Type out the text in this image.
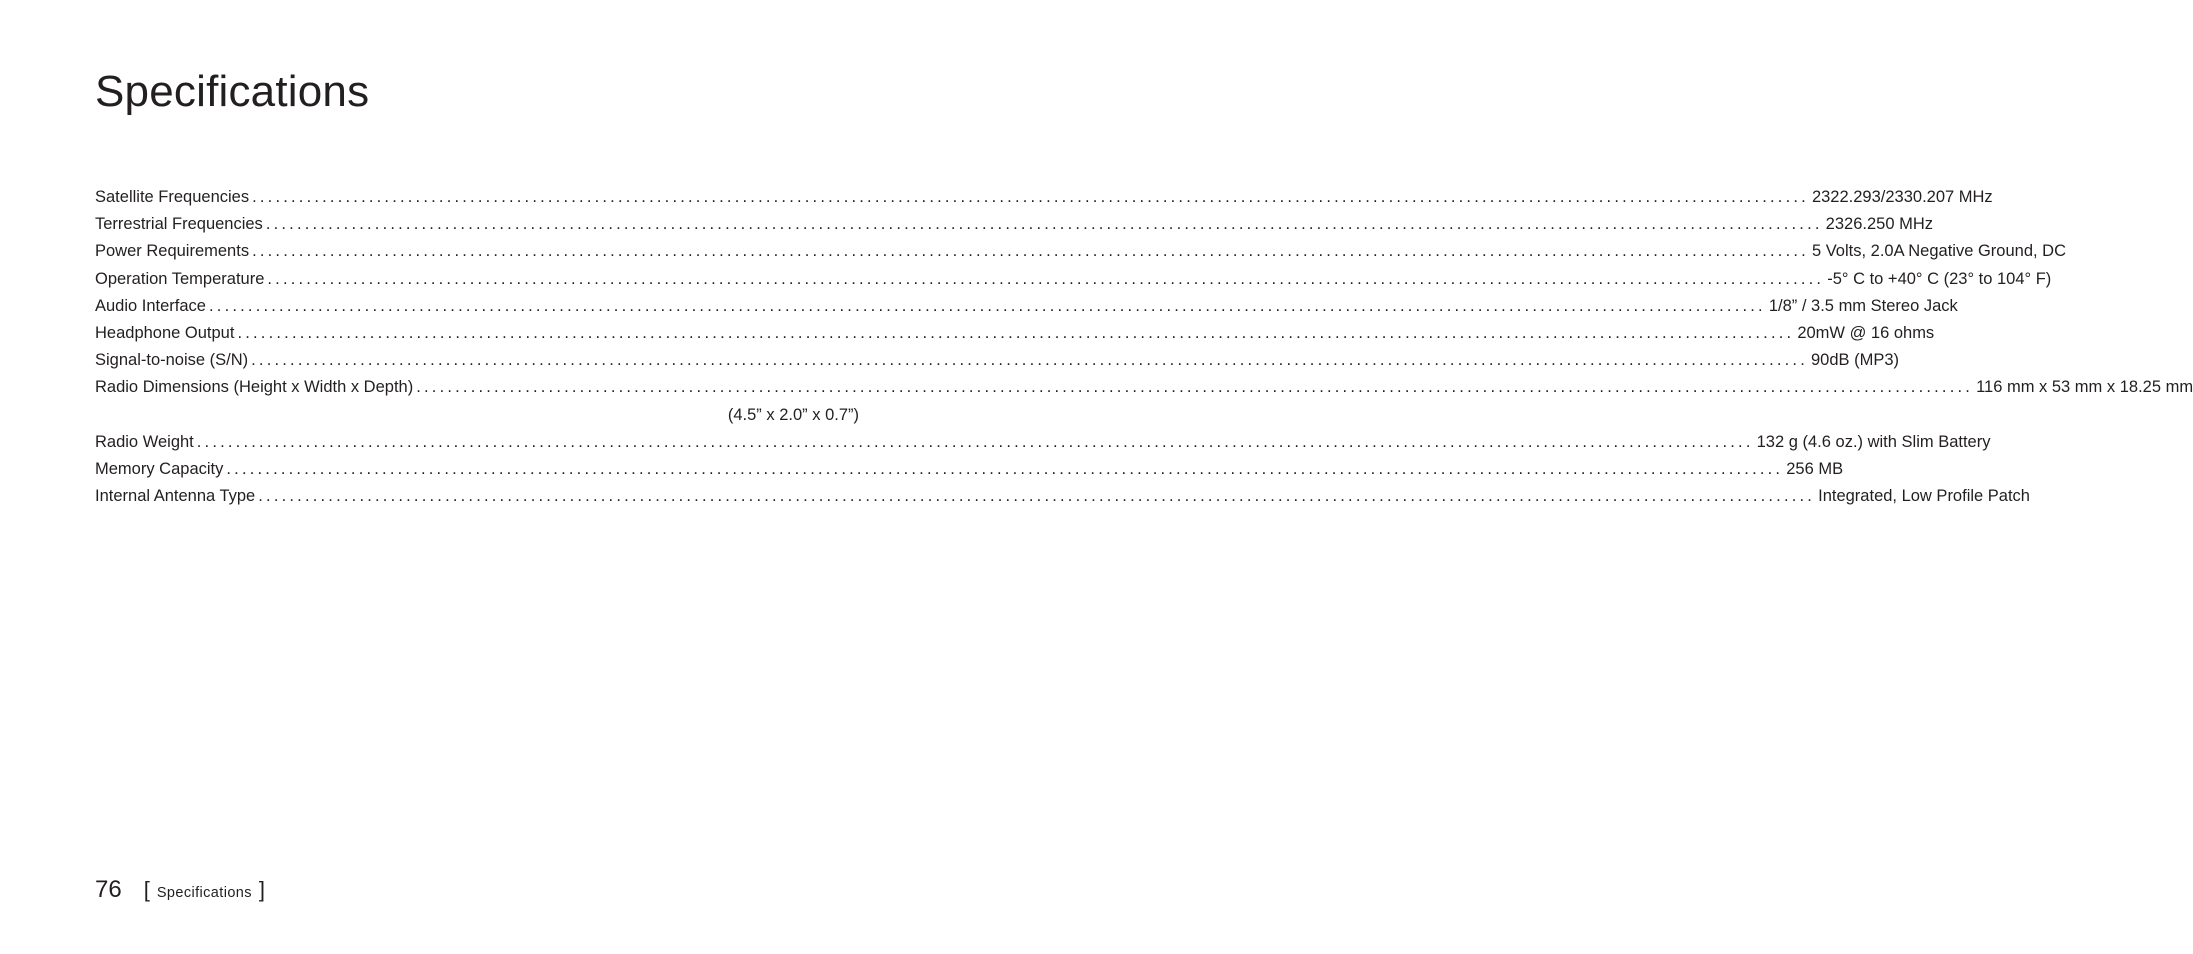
Specifications
Satellite Frequencies ........................................................................................................................................................................................................ 2322.293/2330.207 MHz
Terrestrial Frequencies ........................................................................................................................................................................................................ 2326.250 MHz
Power Requirements ........................................................................................................................................................................................................ 5 Volts, 2.0A Negative Ground, DC
Operation Temperature ........................................................................................................................................................................................................ -5° C to +40° C (23° to 104° F)
Audio Interface ........................................................................................................................................................................................................ 1/8” / 3.5 mm Stereo Jack
Headphone Output ........................................................................................................................................................................................................ 20mW @ 16 ohms
Signal-to-noise (S/N) ........................................................................................................................................................................................................ 90dB (MP3)
Radio Dimensions (Height x Width x Depth) ........................................................................................................................................................................................................ 116 mm x 53 mm x 18.25 mm
(4.5” x 2.0” x 0.7”)
Radio Weight ........................................................................................................................................................................................................ 132 g (4.6 oz.) with Slim Battery
Memory Capacity ........................................................................................................................................................................................................ 256 MB
Internal Antenna Type ........................................................................................................................................................................................................ Integrated, Low Profile Patch
76 [ Specifications ]
